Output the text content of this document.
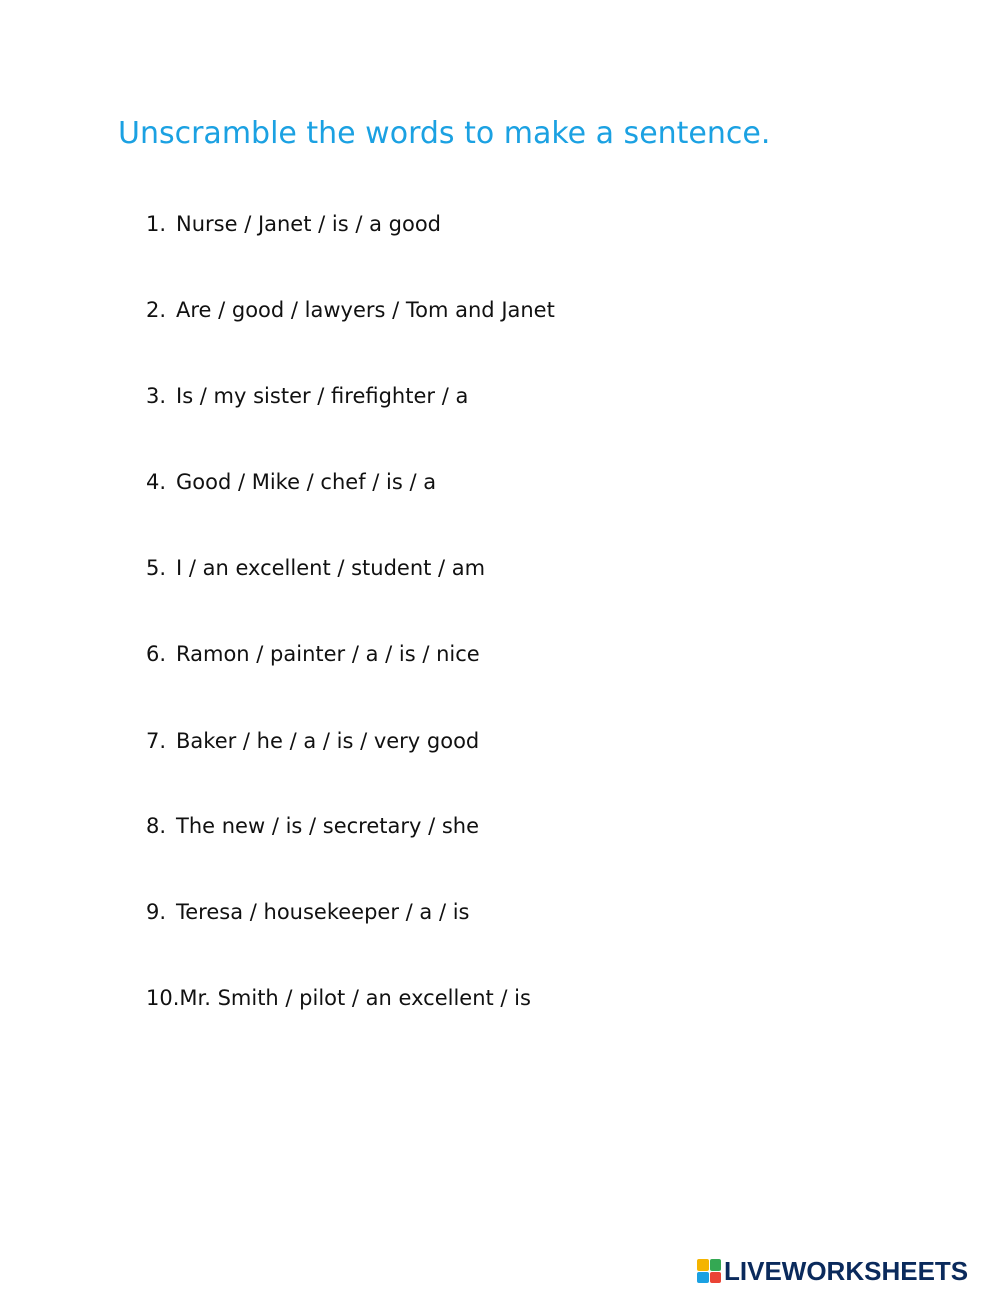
Unscramble the words to make a sentence.
1. Nurse / Janet / is / a good
2. Are / good / lawyers / Tom and Janet
3. Is / my sister / firefighter / a
4. Good / Mike / chef / is / a
5. I / an excellent / student / am
6. Ramon / painter / a / is / nice
7. Baker / he / a / is / very good
8. The new / is / secretary / she
9. Teresa / housekeeper / a / is
10.Mr. Smith / pilot / an excellent / is
LIVEWORKSHEETS
